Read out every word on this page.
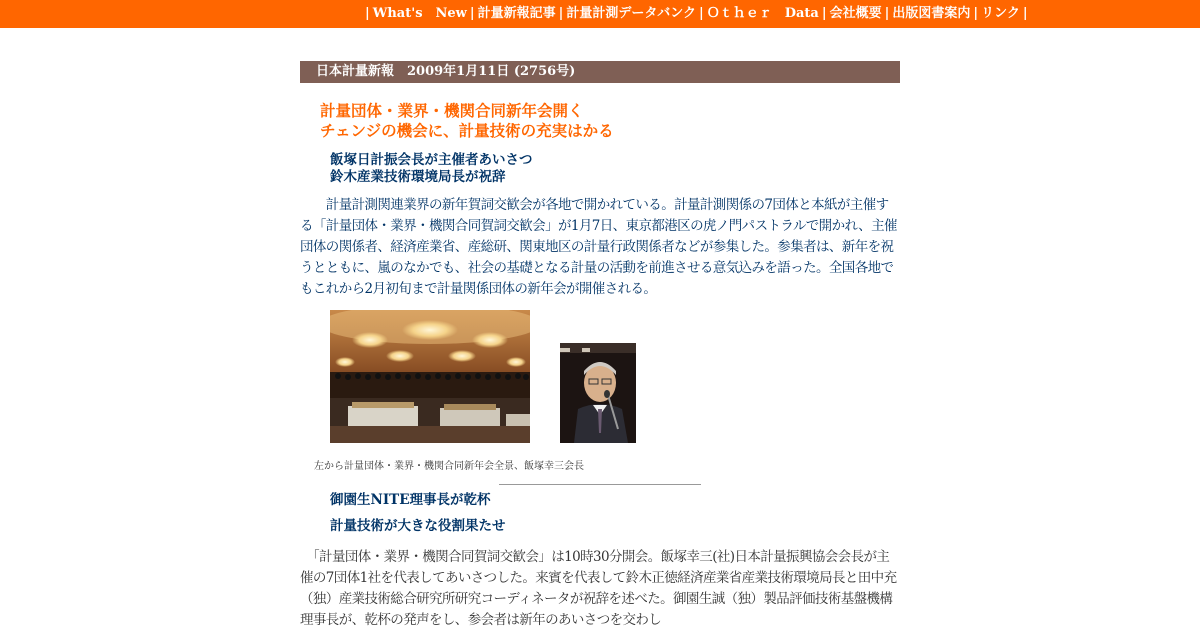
| What's　New | 計量新報記事 | 計量計測データバンク | Ｏｔｈｅｒ　Data | 会社概要 | 出版図書案内 | リンク |
日本計量新報　2009年1月11日 (2756号)
計量団体・業界・機関合同新年会開く
チェンジの機会に、計量技術の充実はかる
飯塚日計振会長が主催者あいさつ
鈴木産業技術環境局長が祝辞
　　計量計測関連業界の新年賀詞交歓会が各地で開かれている。計量計測関係の7団体と本紙が主催する「計量団体・業界・機関合同賀詞交歓会」が1月7日、東京都港区の虎ノ門パストラルで開かれ、主催団体の関係者、経済産業省、産総研、関東地区の計量行政関係者などが参集した。参集者は、新年を祝うとともに、嵐のなかでも、社会の基礎となる計量の活動を前進させる意気込みを語った。全国各地でもこれから2月初旬まで計量関係団体の新年会が開催される。
左から計量団体・業界・機関合同新年会全景、飯塚幸三会長
御園生NITE理事長が乾杯
計量技術が大きな役割果たせ
　「計量団体・業界・機関合同賀詞交歓会」は10時30分開会。飯塚幸三(社)日本計量振興協会会長が主催の7団体1社を代表してあいさつした。来賓を代表して鈴木正徳経済産業省産業技術環境局長と田中充（独）産業技術総合研究所研究コーディネータが祝辞を述べた。御園生誠（独）製品評価技術基盤機構理事長が、乾杯の発声をし、参会者は新年のあいさつを交わし
